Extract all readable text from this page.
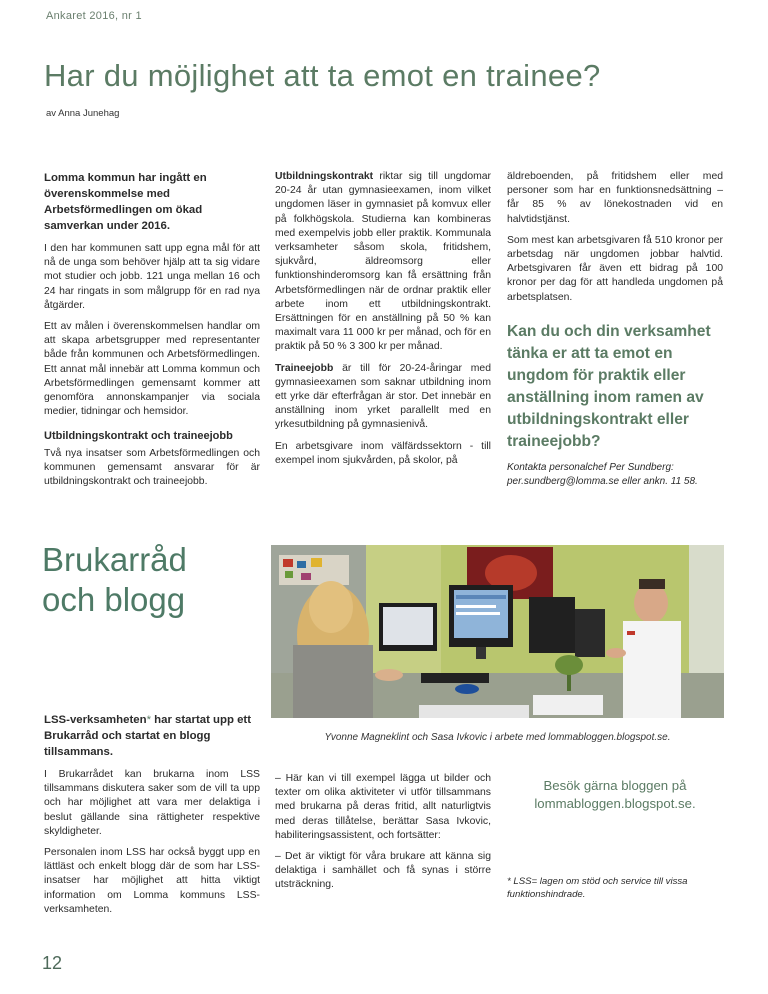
Ankaret 2016, nr 1
Har du möjlighet att ta emot en trainee?
av Anna Junehag

Lomma kommun har ingått en överenskommelse med Arbetsförmedlingen om ökad samverkan under 2016.

I den har kommunen satt upp egna mål för att nå de unga som behöver hjälp att ta sig vidare mot studier och jobb. 121 unga mellan 16 och 24 har ringats in som målgrupp för en rad nya åtgärder.

Ett av målen i överenskommelsen handlar om att skapa arbetsgrupper med representanter både från kommunen och Arbetsförmedlingen. Ett annat mål innebär att Lomma kommun och Arbetsförmedlingen gemensamt kommer att genomföra annonskampanjer via sociala medier, tidningar och hemsidor.

Utbildningskontrakt och traineejobb

Två nya insatser som Arbetsförmedlingen och kommunen gemensamt ansvarar för är utbildningskontrakt och traineejobb.

Utbildningskontrakt riktar sig till ungdomar 20-24 år utan gymnasieexamen, inom vilket ungdomen läser in gymnasiet på komvux eller på folkhögskola. Studierna kan kombineras med exempelvis jobb eller praktik. Kommunala verksamheter såsom skola, fritidshem, sjukvård, äldreomsorg eller funktionshinderomsorg kan få ersättning från Arbetsförmedlingen när de ordnar praktik eller arbete inom ett utbildningskontrakt. Ersättningen för en anställning på 50 % kan maximalt vara 11 000 kr per månad, och för en praktik på 50 % 3 300 kr per månad.

Traineejobb är till för 20-24-åringar med gymnasieexamen som saknar utbildning inom ett yrke där efterfrågan är stor. Det innebär en anställning inom yrket parallellt med en yrkesutbildning på gymnasienivå.

En arbetsgivare inom välfärdssektorn - till exempel inom sjukvården, på skolor, på

äldreboenden, på fritidshem eller med personer som har en funktionsnedsättning – får 85 % av lönekostnaden vid en halvtidstjänst.

Som mest kan arbetsgivaren få 510 kronor per arbetsdag när ungdomen jobbar halvtid. Arbetsgivaren får även ett bidrag på 100 kronor per dag för att handleda ungdomen på arbetsplatsen.

Kan du och din verksamhet tänka er att ta emot en ungdom för praktik eller anställning inom ramen av utbildningskontrakt eller traineejobb?

Kontakta personalchef Per Sundberg: per.sundberg@lomma.se eller ankn. 11 58.

Brukarråd
och blogg
Yvonne Magneklint och Sasa Ivkovic i arbete med lommabloggen.blogspot.se.

LSS-verksamheten* har startat upp ett Brukarråd och startat en blogg tillsammans.

I Brukarrådet kan brukarna inom LSS tillsammans diskutera saker som de vill ta upp och har möjlighet att vara mer delaktiga i beslut gällande sina rättigheter respektive skyldigheter.

Personalen inom LSS har också byggt upp en lättläst och enkelt blogg där de som har LSS-insatser har möjlighet att hitta viktigt information om Lomma kommuns LSS-verksamheten.

– Här kan vi till exempel lägga ut bilder och texter om olika aktiviteter vi utför tillsammans med brukarna på deras fritid, allt naturligtvis med deras tillåtelse, berättar Sasa Ivkovic, habiliteringsassistent, och fortsätter:

– Det är viktigt för våra brukare att känna sig delaktiga i samhället och få synas i större utsträckning.

Besök gärna bloggen på lommabloggen.blogspot.se.
* LSS= lagen om stöd och service till vissa funktionshindrade.
12
